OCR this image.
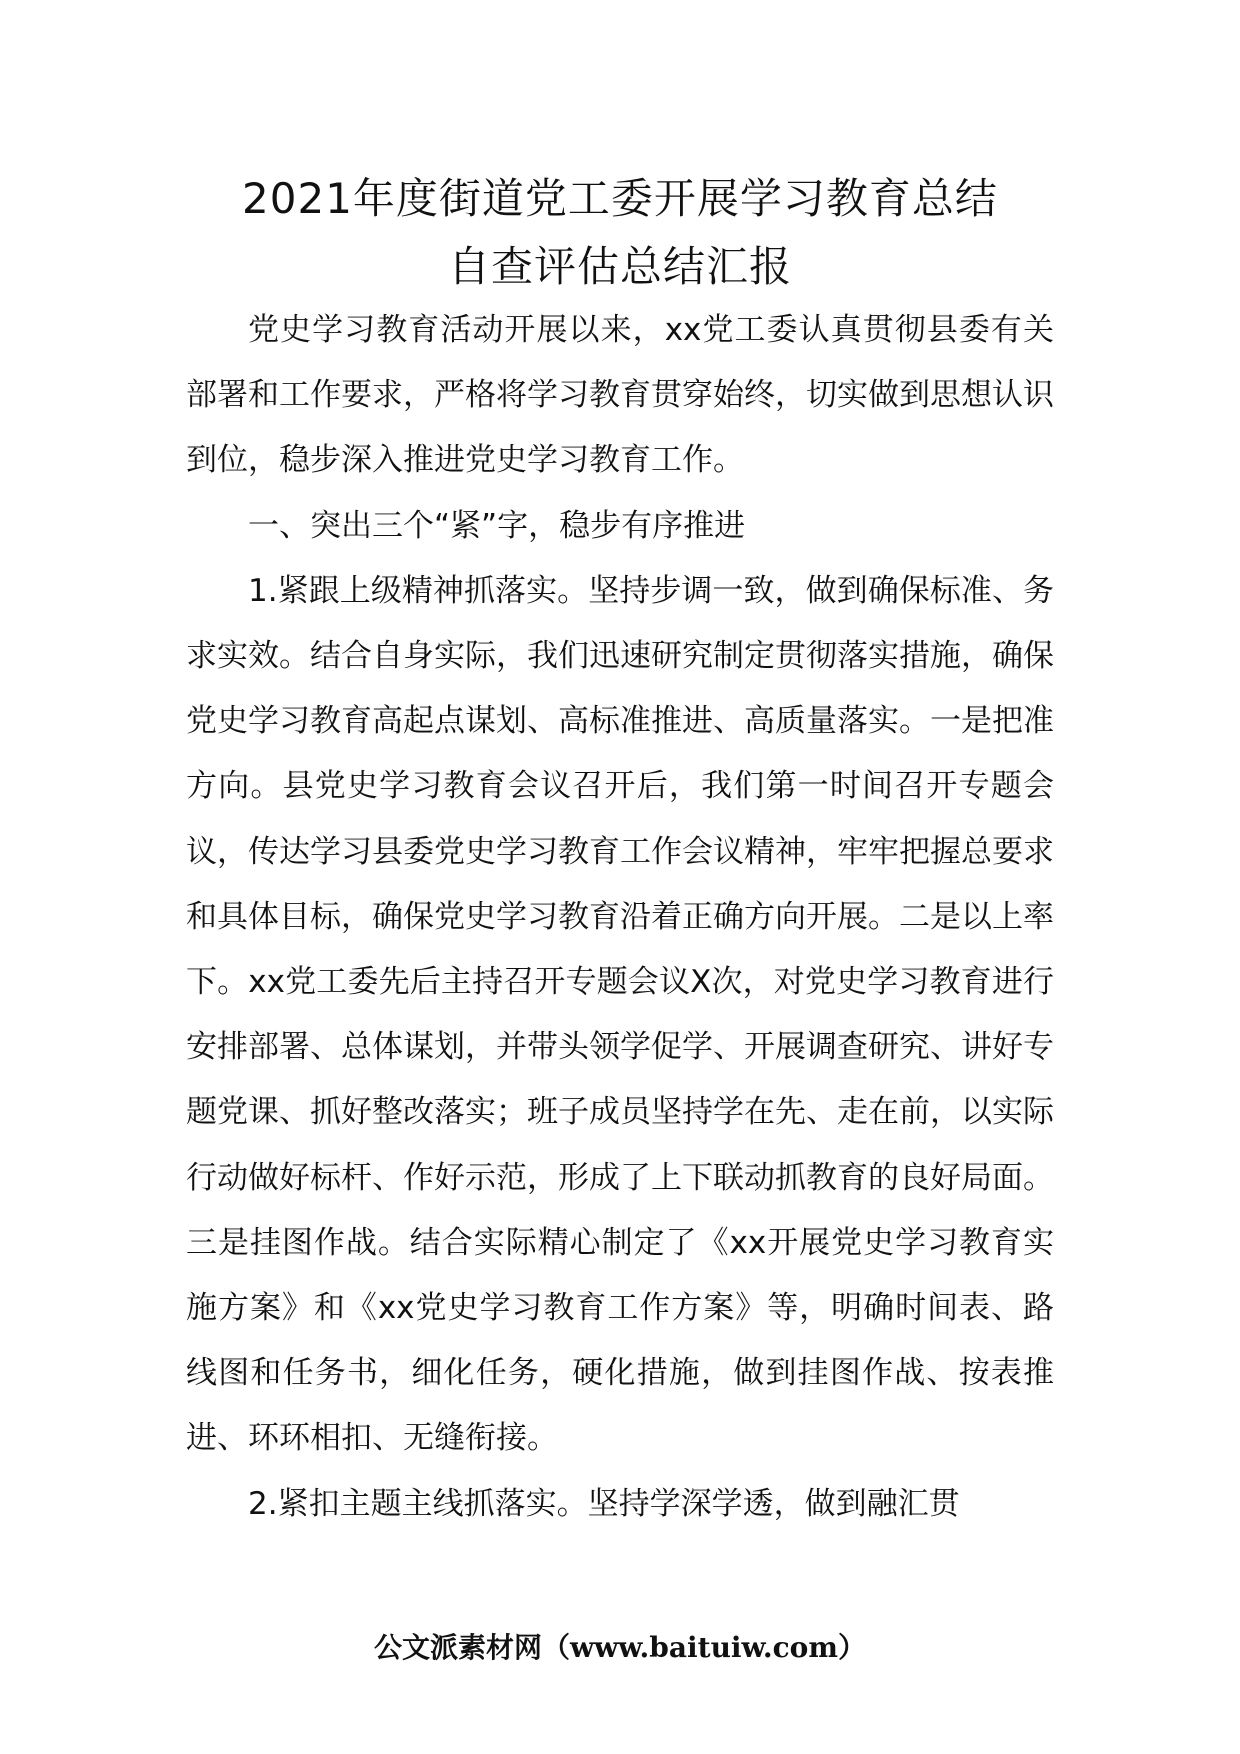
2021年度街道党工委开展学习教育总结
自查评估总结汇报

党史学习教育活动开展以来，xx党工委认真贯彻县委有关部署和工作要求，严格将学习教育贯穿始终，切实做到思想认识到位，稳步深入推进党史学习教育工作。

一、突出三个“紧”字，稳步有序推进

1.紧跟上级精神抓落实。坚持步调一致，做到确保标准、务求实效。结合自身实际，我们迅速研究制定贯彻落实措施，确保党史学习教育高起点谋划、高标准推进、高质量落实。一是把准方向。县党史学习教育会议召开后，我们第一时间召开专题会议，传达学习县委党史学习教育工作会议精神，牢牢把握总要求和具体目标，确保党史学习教育沿着正确方向开展。二是以上率下。xx党工委先后主持召开专题会议X次，对党史学习教育进行安排部署、总体谋划，并带头领学促学、开展调查研究、讲好专题党课、抓好整改落实；班子成员坚持学在先、走在前，以实际行动做好标杆、作好示范，形成了上下联动抓教育的良好局面。三是挂图作战。结合实际精心制定了《xx开展党史学习教育实施方案》和《xx党史学习教育工作方案》等，明确时间表、路线图和任务书，细化任务，硬化措施，做到挂图作战、按表推进、环环相扣、无缝衔接。

2.紧扣主题主线抓落实。坚持学深学透，做到融汇贯

公文派素材网（www.baituiw.com）
